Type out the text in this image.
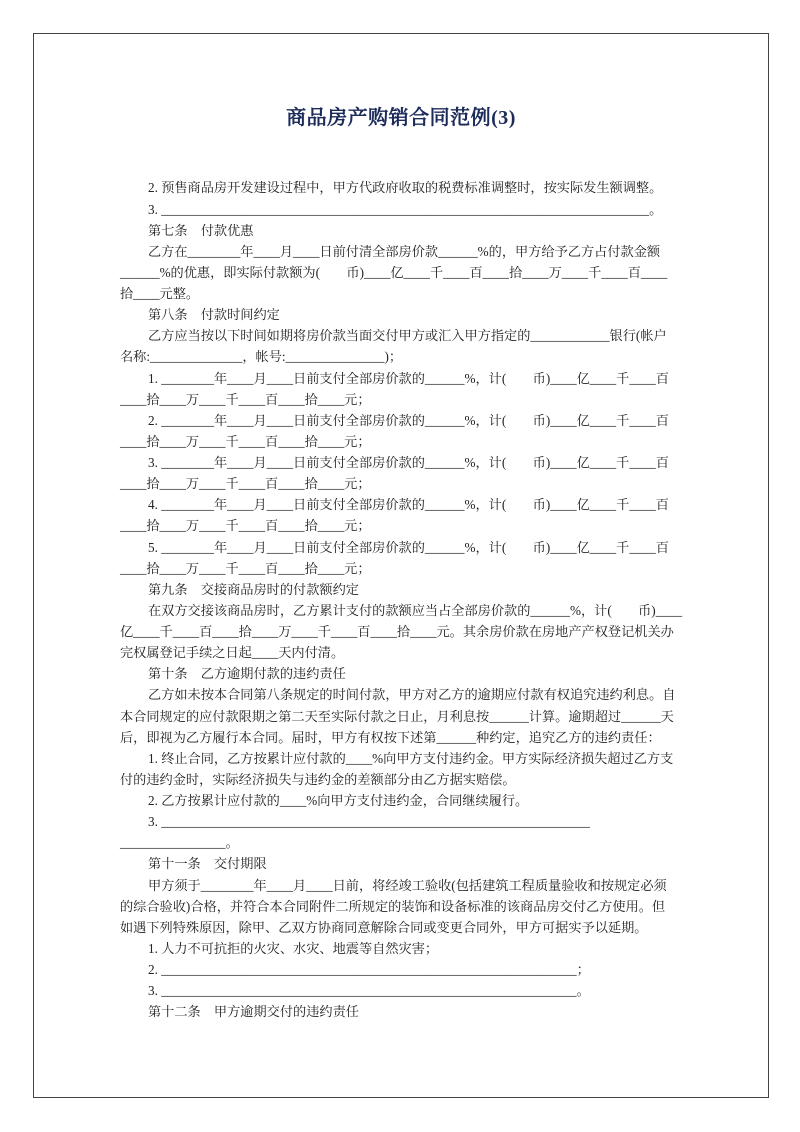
商品房产购销合同范例(3)
2. 预售商品房开发建设过程中，甲方代政府收取的税费标准调整时，按实际发生额调整。
3. __________________________________________________________________________。
第七条　付款优惠
乙方在________年____月____日前付清全部房价款______%的，甲方给予乙方占付款金额
______%的优惠，即实际付款额为(　　币)____亿____千____百____拾____万____千____百____
拾____元整。
第八条　付款时间约定
乙方应当按以下时间如期将房价款当面交付甲方或汇入甲方指定的____________银行(帐户
名称:______________，帐号:_______________)；
1. ________年____月____日前支付全部房价款的______%，计(　　币)____亿____千____百
____拾____万____千____百____拾____元；
2. ________年____月____日前支付全部房价款的______%，计(　　币)____亿____千____百
____拾____万____千____百____拾____元；
3. ________年____月____日前支付全部房价款的______%，计(　　币)____亿____千____百
____拾____万____千____百____拾____元；
4. ________年____月____日前支付全部房价款的______%，计(　　币)____亿____千____百
____拾____万____千____百____拾____元；
5. ________年____月____日前支付全部房价款的______%，计(　　币)____亿____千____百
____拾____万____千____百____拾____元；
第九条　交接商品房时的付款额约定
在双方交接该商品房时，乙方累计支付的款额应当占全部房价款的______%，计(　　币)____
亿____千____百____拾____万____千____百____拾____元。其余房价款在房地产产权登记机关办
完权属登记手续之日起____天内付清。
第十条　乙方逾期付款的违约责任
乙方如未按本合同第八条规定的时间付款，甲方对乙方的逾期应付款有权追究违约利息。自
本合同规定的应付款限期之第二天至实际付款之日止，月利息按______计算。逾期超过______天
后，即视为乙方履行本合同。届时，甲方有权按下述第______种约定，追究乙方的违约责任：
1. 终止合同，乙方按累计应付款的____%向甲方支付违约金。甲方实际经济损失超过乙方支
付的违约金时，实际经济损失与违约金的差额部分由乙方据实赔偿。
2. 乙方按累计应付款的____%向甲方支付违约金，合同继续履行。
3. _________________________________________________________________
________________。
第十一条　交付期限
甲方须于________年____月____日前，将经竣工验收(包括建筑工程质量验收和按规定必须
的综合验收)合格，并符合本合同附件二所规定的装饰和设备标准的该商品房交付乙方使用。但
如遇下列特殊原因，除甲、乙双方协商同意解除合同或变更合同外，甲方可据实予以延期。
1. 人力不可抗拒的火灾、水灾、地震等自然灾害；
2. _______________________________________________________________；
3. _______________________________________________________________。
第十二条　甲方逾期交付的违约责任
